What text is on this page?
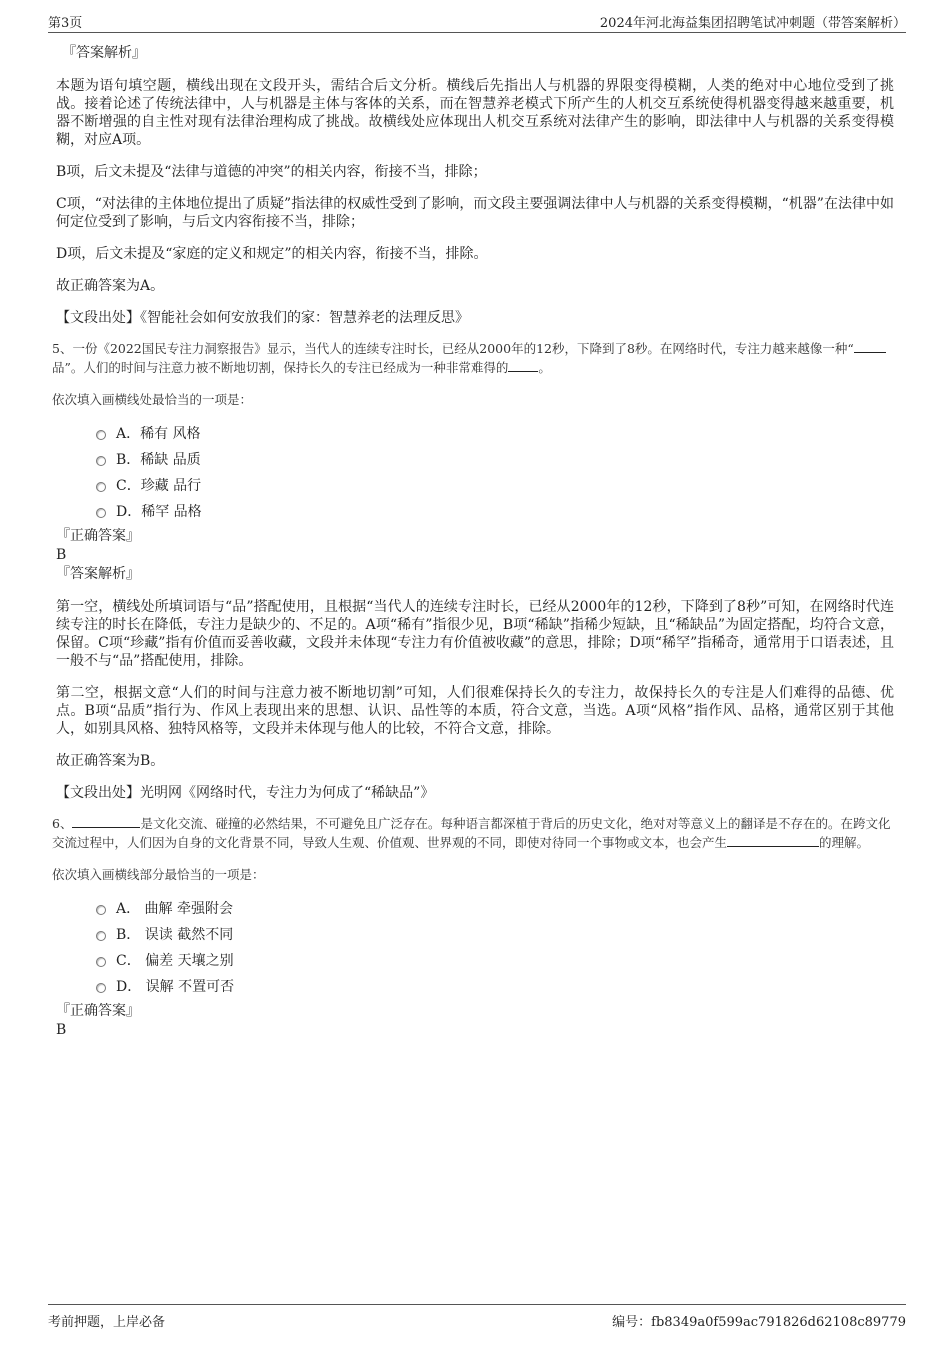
第3页	2024年河北海益集团招聘笔试冲刺题（带答案解析）
『答案解析』

本题为语句填空题，横线出现在文段开头，需结合后文分析。横线后先指出人与机器的界限变得模糊，人类的绝对中心地位受到了挑战。接着论述了传统法律中，人与机器是主体与客体的关系，而在智慧养老模式下所产生的人机交互系统使得机器变得越来越重要，机器不断增强的自主性对现有法律治理构成了挑战。故横线处应体现出人机交互系统对法律产生的影响，即法律中人与机器的关系变得模糊，对应A项。

B项，后文未提及“法律与道德的冲突”的相关内容，衔接不当，排除；

C项，“对法律的主体地位提出了质疑”指法律的权威性受到了影响，而文段主要强调法律中人与机器的关系变得模糊，“机器”在法律中如何定位受到了影响，与后文内容衔接不当，排除；

D项，后文未提及“家庭的定义和规定”的相关内容，衔接不当，排除。

故正确答案为A。

【文段出处】《智能社会如何安放我们的家：智慧养老的法理反思》

5、一份《2022国民专注力洞察报告》显示，当代人的连续专注时长，已经从2000年的12秒，下降到了8秒。在网络时代，专注力越来越像一种“品”。人们的时间与注意力被不断地切割，保持长久的专注已经成为一种非常难得的 。

依次填入画横线处最恰当的一项是：

A．稀有 风格
B．稀缺 品质
C．珍藏 品行
D．稀罕 品格
『正确答案』
B
『答案解析』

第一空，横线处所填词语与“品”搭配使用，且根据“当代人的连续专注时长，已经从2000年的12秒，下降到了8秒”可知，在网络时代连续专注的时长在降低，专注力是缺少的、不足的。A项“稀有”指很少见，B项“稀缺”指稀少短缺，且“稀缺品”为固定搭配，均符合文意，保留。C项“珍藏”指有价值而妥善收藏，文段并未体现“专注力有价值被收藏”的意思，排除；D项“稀罕”指稀奇，通常用于口语表述，且一般不与“品”搭配使用，排除。

第二空，根据文意“人们的时间与注意力被不断地切割”可知，人们很难保持长久的专注力，故保持长久的专注是人们难得的品德、优点。B项“品质”指行为、作风上表现出来的思想、认识、品性等的本质，符合文意，当选。A项“风格”指作风、品格，通常区别于其他人，如别具风格、独特风格等，文段并未体现与他人的比较，不符合文意，排除。

故正确答案为B。

【文段出处】光明网《网络时代，专注力为何成了“稀缺品”》

6、	是文化交流、碰撞的必然结果，不可避免且广泛存在。每种语言都深植于背后的历史文化，绝对对等意义上的翻译是不存在的。在跨文化交流过程中，人们因为自身的文化背景不同，导致人生观、价值观、世界观的不同，即使对待同一个事物或文本，也会产生	的理解。

依次填入画横线部分最恰当的一项是：

A． 曲解 牵强附会
B． 误读 截然不同
C． 偏差 天壤之别
D． 误解 不置可否
『正确答案』
B
考前押题，上岸必备	编号：fb8349a0f599ac791826d62108c89779
